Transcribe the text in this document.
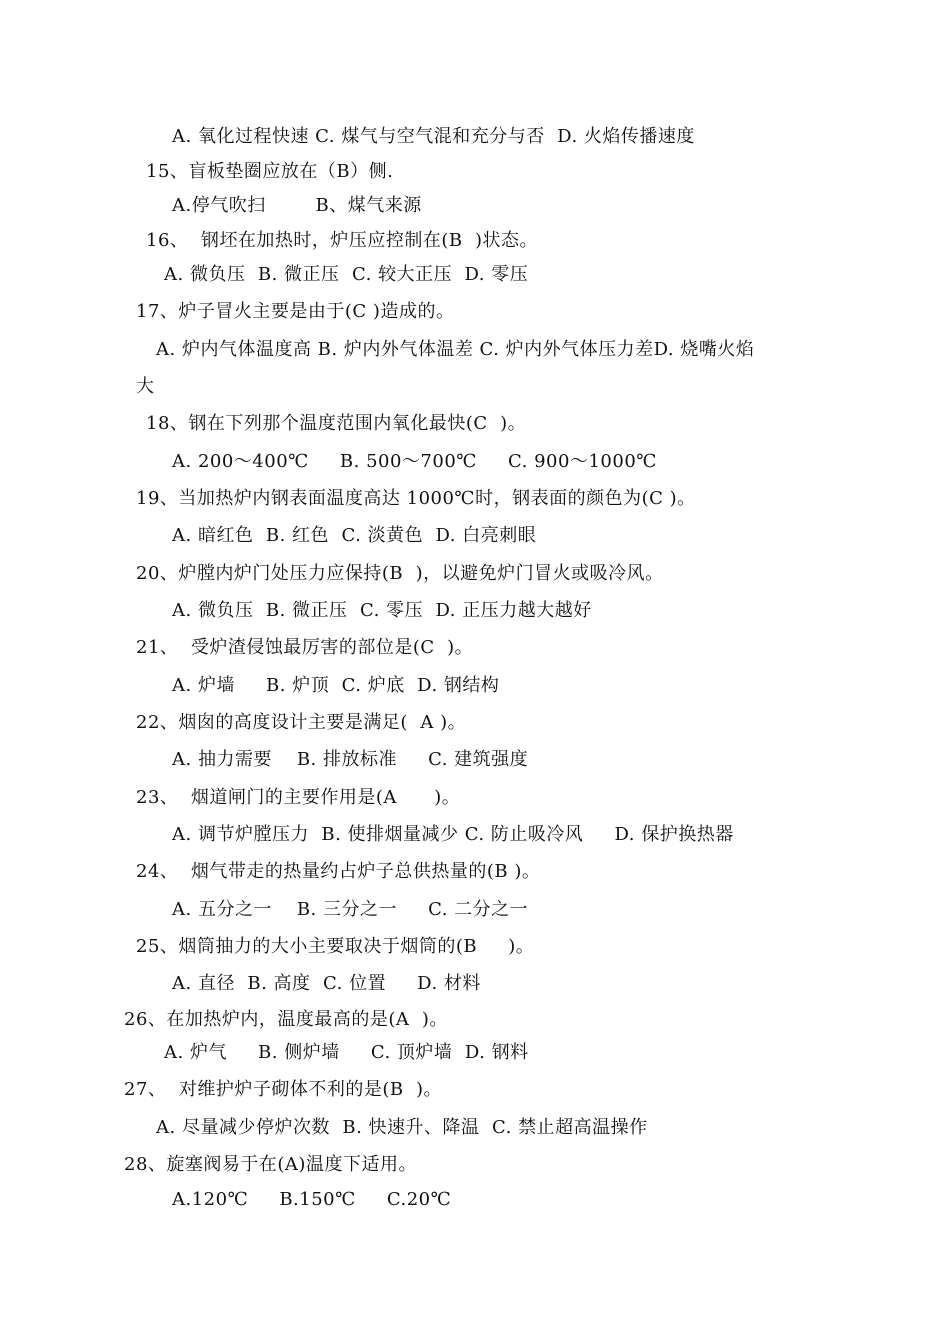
A. 氧化过程快速 C. 煤气与空气混和充分与否  D. 火焰传播速度
15、盲板垫圈应放在（B）侧.
A.停气吹扫        B、煤气来源
16、  钢坯在加热时，炉压应控制在(B  )状态。
A. 微负压  B. 微正压  C. 较大正压  D. 零压
17、炉子冒火主要是由于(C )造成的。
A. 炉内气体温度高 B. 炉内外气体温差 C. 炉内外气体压力差D. 烧嘴火焰
大
18、钢在下列那个温度范围内氧化最快(C  )。
A. 200～400℃     B. 500～700℃     C. 900～1000℃
19、当加热炉内钢表面温度高达 1000℃时，钢表面的颜色为(C )。
A. 暗红色  B. 红色  C. 淡黄色  D. 白亮刺眼
20、炉膛内炉门处压力应保持(B  )，以避免炉门冒火或吸冷风。
A. 微负压  B. 微正压  C. 零压  D. 正压力越大越好
21、  受炉渣侵蚀最厉害的部位是(C  )。
A. 炉墙     B. 炉顶  C. 炉底  D. 钢结构
22、烟囱的高度设计主要是满足(  A )。
A. 抽力需要    B. 排放标准     C. 建筑强度
23、  烟道闸门的主要作用是(A      )。
A. 调节炉膛压力  B. 使排烟量减少 C. 防止吸冷风     D. 保护换热器
24、  烟气带走的热量约占炉子总供热量的(B )。
A. 五分之一    B. 三分之一     C. 二分之一
25、烟筒抽力的大小主要取决于烟筒的(B     )。
A. 直径  B. 高度  C. 位置     D. 材料
26、在加热炉内，温度最高的是(A  )。
A. 炉气     B. 侧炉墙     C. 顶炉墙  D. 钢料
27、  对维护炉子砌体不利的是(B  )。
A. 尽量减少停炉次数  B. 快速升、降温  C. 禁止超高温操作
28、旋塞阀易于在(A)温度下适用。
A.120℃     B.150℃     C.20℃
